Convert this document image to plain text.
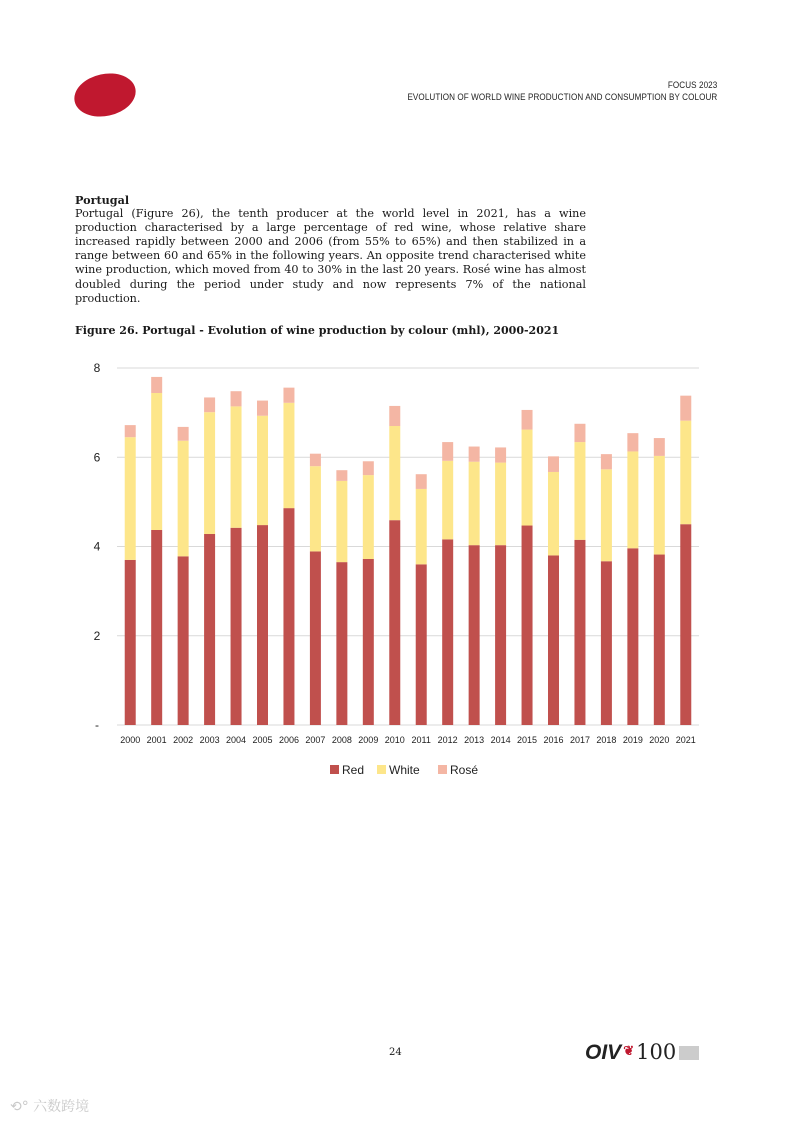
FOCUS 2023
EVOLUTION OF WORLD WINE PRODUCTION AND CONSUMPTION BY COLOUR
Portugal

Portugal (Figure 26), the tenth producer at the world level in 2021, has a wine production characterised by a large percentage of red wine, whose relative share increased rapidly between 2000 and 2006 (from 55% to 65%) and then stabilized in a range between 60 and 65% in the following years. An opposite trend characterised white wine production, which moved from 40 to 30% in the last 20 years. Rosé wine has almost doubled during the period under study and now represents 7% of the national production.

Figure 26. Portugal - Evolution of wine production by colour (mhl), 2000-2021
-
2
4
6
8
2000 2001 2002 2003 2004 2005 2006 2007 2008 2009 2010 2011 2012 2013 2014 2015 2016 2017 2018 2019 2020 2021
Red White	Rosé
24	OIV ❦100
⟲° 六数跨境
